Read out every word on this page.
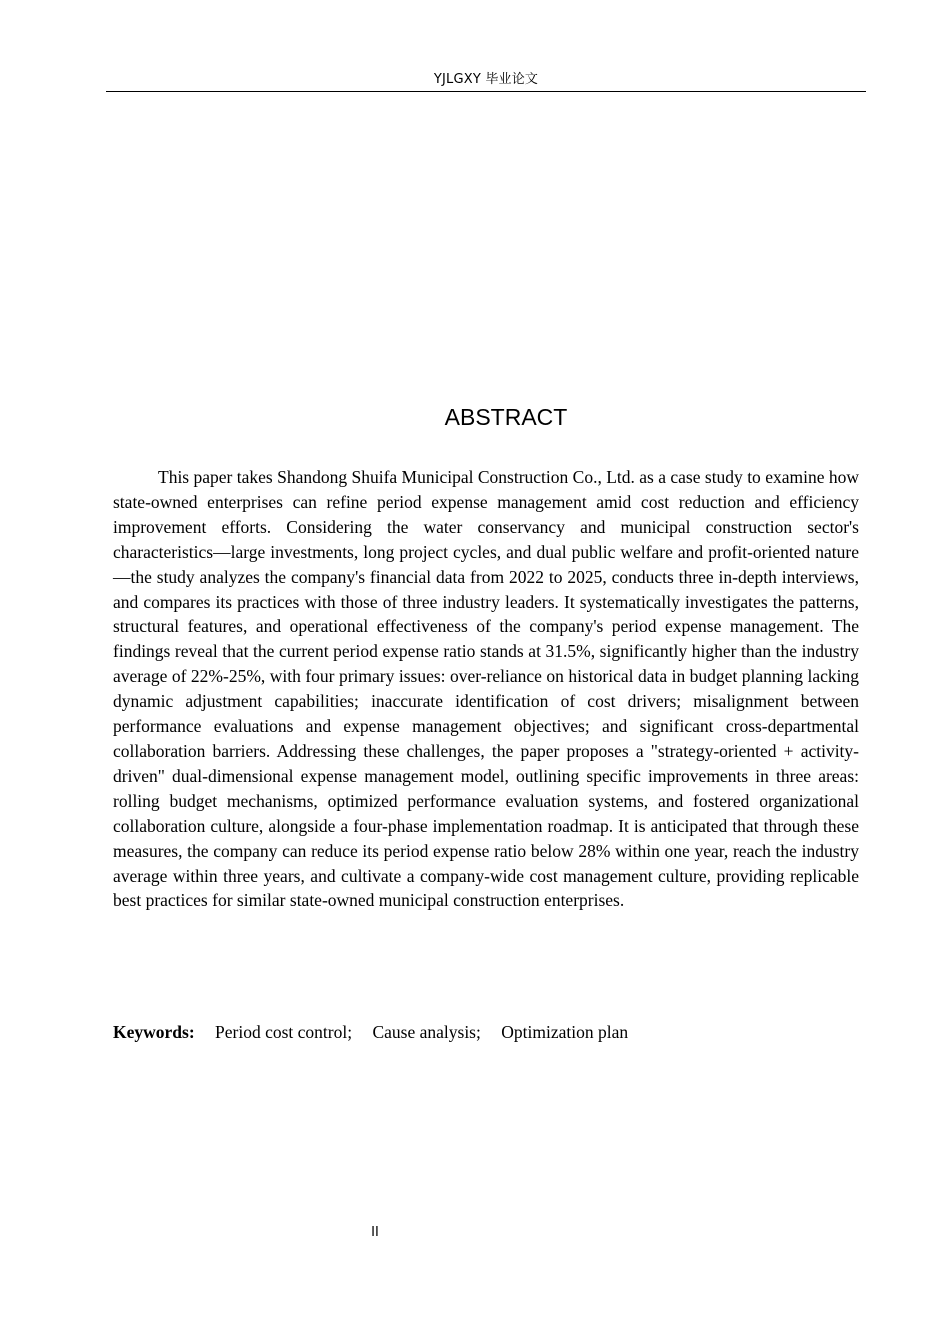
YJLGXY 毕业论文
ABSTRACT

This paper takes Shandong Shuifa Municipal Construction Co., Ltd. as a case study to examine how state-owned enterprises can refine period expense management amid cost reduction and efficiency improvement efforts. Considering the water conservancy and municipal construction sector's characteristics—large investments, long project cycles, and dual public welfare and profit-oriented nature—the study analyzes the company's financial data from 2022 to 2025, conducts three in-depth interviews, and compares its practices with those of three industry leaders. It systematically investigates the patterns, structural features, and operational effectiveness of the company's period expense management. The findings reveal that the current period expense ratio stands at 31.5%, significantly higher than the industry average of 22%-25%, with four primary issues: over-reliance on historical data in budget planning lacking dynamic adjustment capabilities; inaccurate identification of cost drivers; misalignment between performance evaluations and expense management objectives; and significant cross-departmental collaboration barriers. Addressing these challenges, the paper proposes a "strategy-oriented + activity-driven" dual-dimensional expense management model, outlining specific improvements in three areas: rolling budget mechanisms, optimized performance evaluation systems, and fostered organizational collaboration culture, alongside a four-phase implementation roadmap. It is anticipated that through these measures, the company can reduce its period expense ratio below 28% within one year, reach the industry average within three years, and cultivate a company-wide cost management culture, providing replicable best practices for similar state-owned municipal construction enterprises.

Keywords: Period cost control; Cause analysis; Optimization plan
II
